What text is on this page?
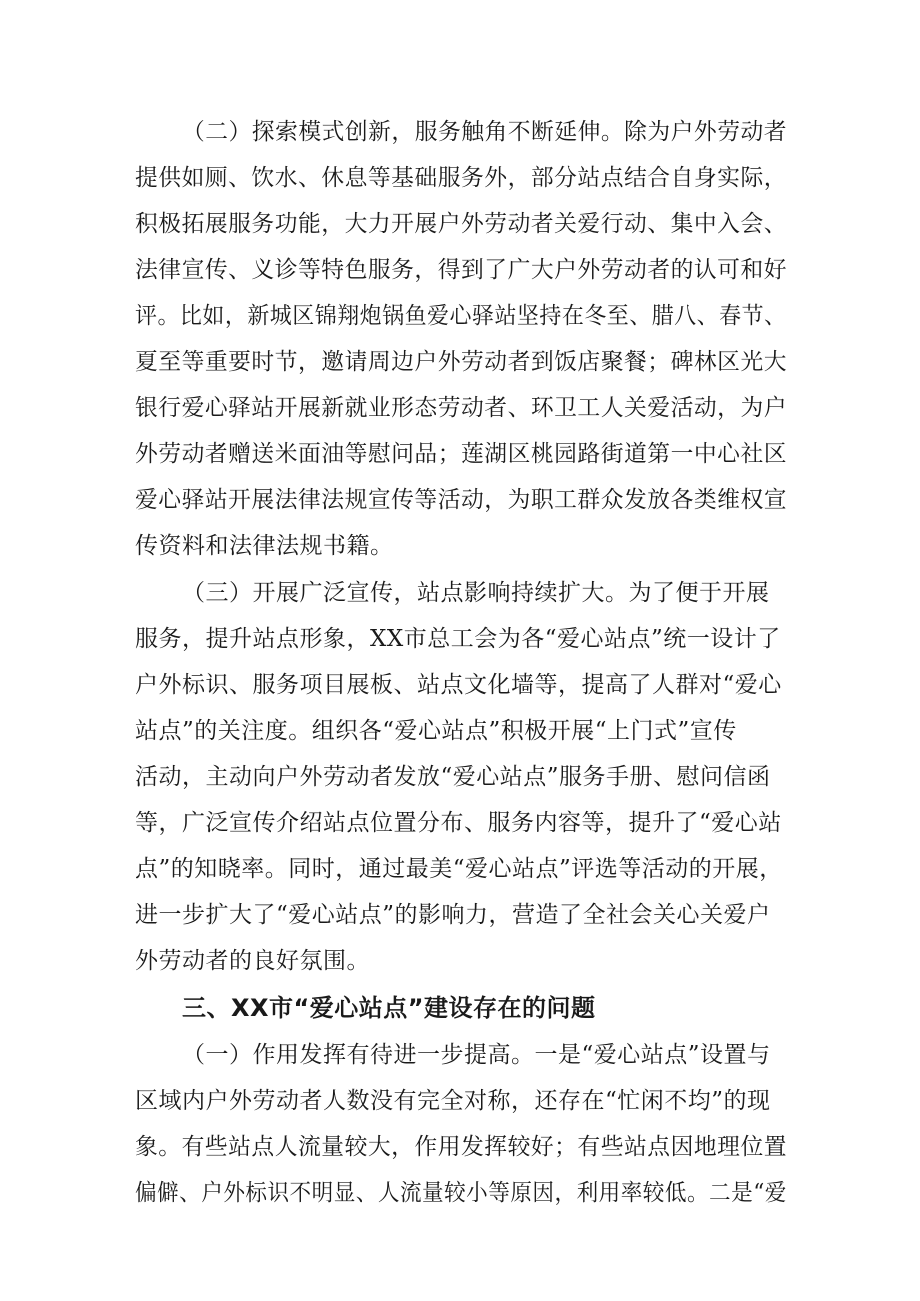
（二）探索模式创新，服务触角不断延伸。除为户外劳动者
提供如厕、饮水、休息等基础服务外，部分站点结合自身实际，
积极拓展服务功能，大力开展户外劳动者关爱行动、集中入会、
法律宣传、义诊等特色服务，得到了广大户外劳动者的认可和好
评。比如，新城区锦翔炮锅鱼爱心驿站坚持在冬至、腊八、春节、
夏至等重要时节，邀请周边户外劳动者到饭店聚餐；碑林区光大
银行爱心驿站开展新就业形态劳动者、环卫工人关爱活动，为户
外劳动者赠送米面油等慰问品；莲湖区桃园路街道第一中心社区
爱心驿站开展法律法规宣传等活动，为职工群众发放各类维权宣
传资料和法律法规书籍。
（三）开展广泛宣传，站点影响持续扩大。为了便于开展
服务，提升站点形象，XX市总工会为各“爱心站点”统一设计了
户外标识、服务项目展板、站点文化墙等，提高了人群对“爱心
站点”的关注度。组织各“爱心站点”积极开展“上门式”宣传
活动，主动向户外劳动者发放“爱心站点”服务手册、慰问信函
等，广泛宣传介绍站点位置分布、服务内容等，提升了“爱心站
点”的知晓率。同时，通过最美“爱心站点”评选等活动的开展，
进一步扩大了“爱心站点”的影响力，营造了全社会关心关爱户
外劳动者的良好氛围。
三、XX市“爱心站点”建设存在的问题
（一）作用发挥有待进一步提高。一是“爱心站点”设置与
区域内户外劳动者人数没有完全对称，还存在“忙闲不均”的现
象。有些站点人流量较大，作用发挥较好；有些站点因地理位置
偏僻、户外标识不明显、人流量较小等原因，利用率较低。二是“爱
